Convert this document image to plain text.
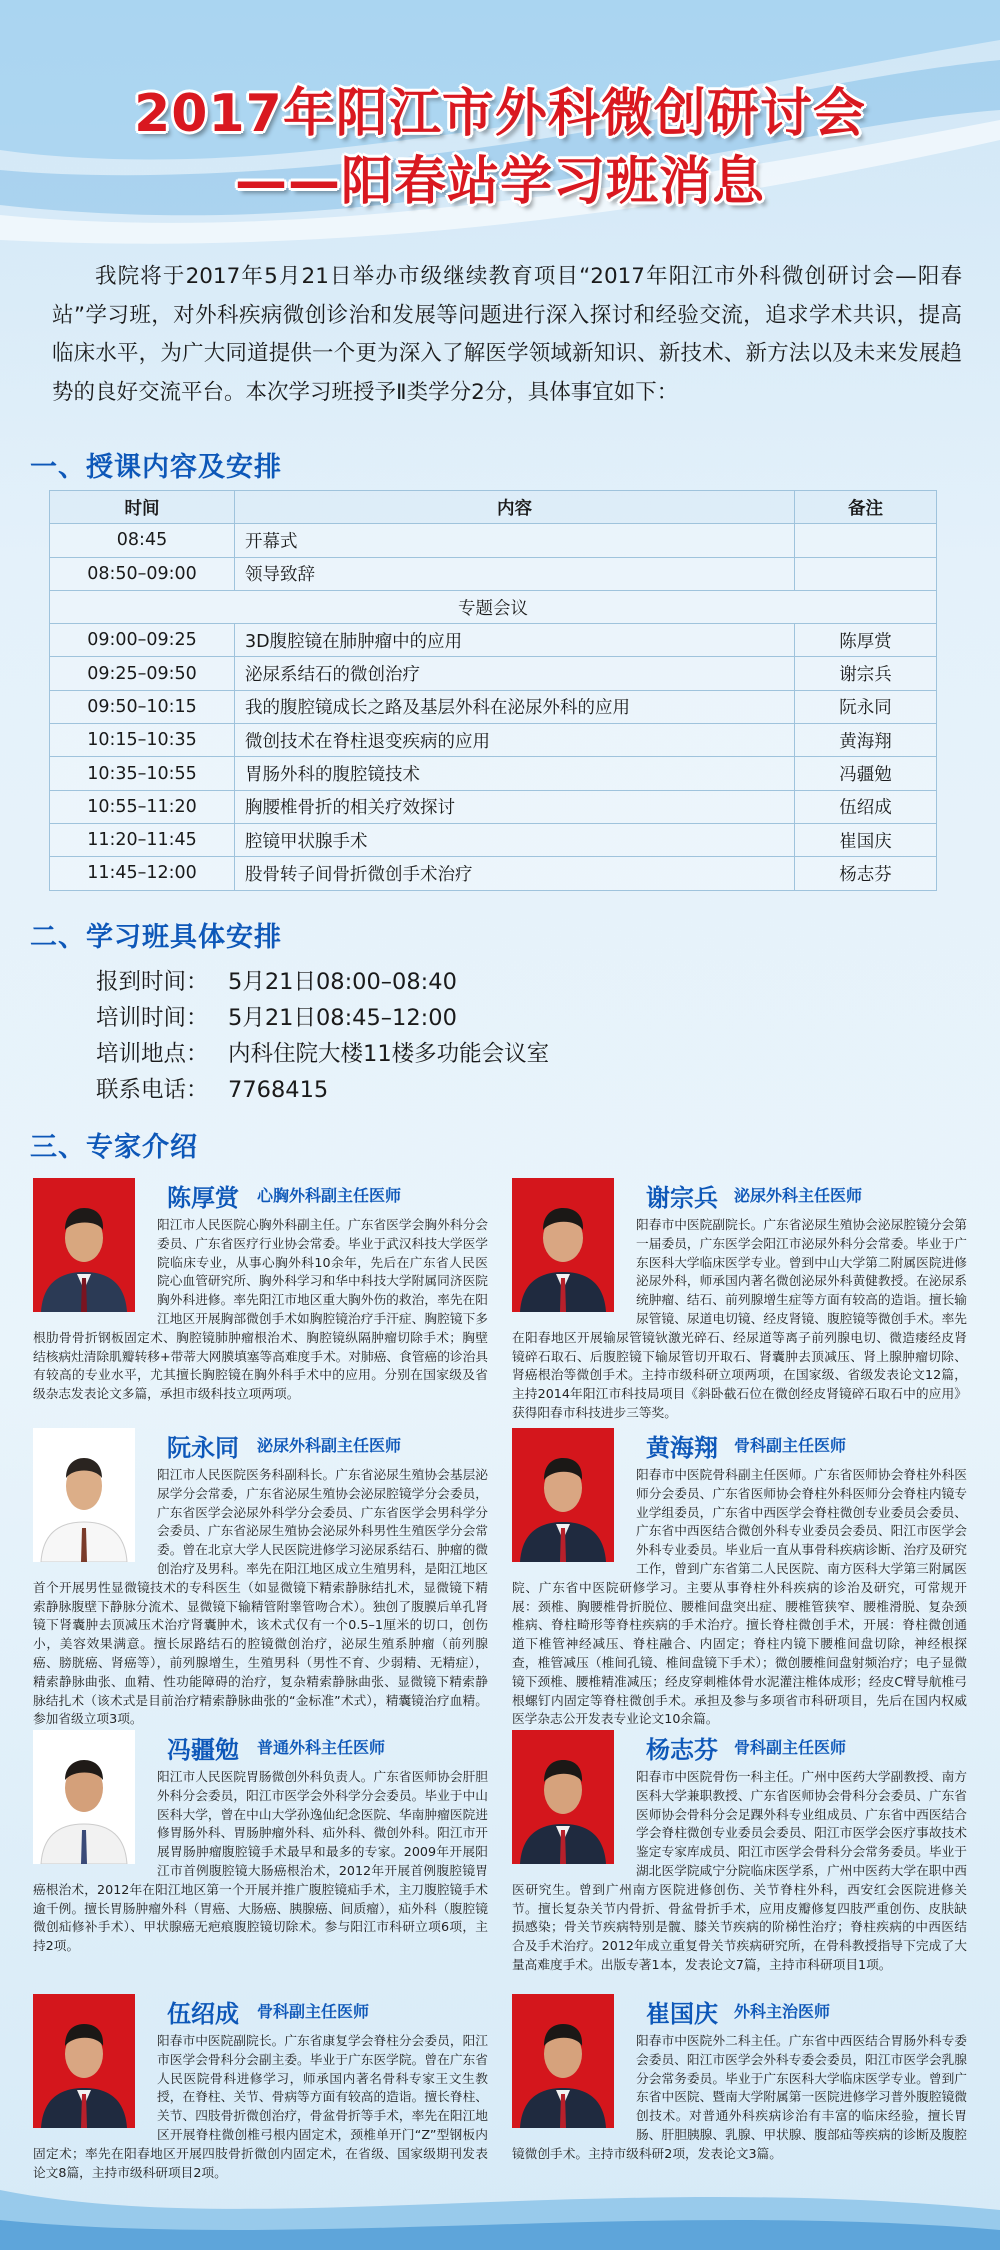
2017年阳江市外科微创研讨会
——阳春站学习班消息

我院将于2017年5月21日举办市级继续教育项目“2017年阳江市外科微创研讨会—阳春站”学习班，对外科疾病微创诊治和发展等问题进行深入探讨和经验交流，追求学术共识，提高临床水平，为广大同道提供一个更为深入了解医学领域新知识、新技术、新方法以及未来发展趋势的良好交流平台。本次学习班授予Ⅱ类学分2分，具体事宜如下：

一、授课内容及安排
时间	内容	备注
08:45	开幕式	
08:50–09:00	领导致辞	
专题会议		
09:00–09:25	3D腹腔镜在肺肿瘤中的应用	陈厚赏
09:25–09:50	泌尿系结石的微创治疗	谢宗兵
09:50–10:15	我的腹腔镜成长之路及基层外科在泌尿外科的应用	阮永同
10:15–10:35	微创技术在脊柱退变疾病的应用	黄海翔
10:35–10:55	胃肠外科的腹腔镜技术	冯疆勉
10:55–11:20	胸腰椎骨折的相关疗效探讨	伍绍成
11:20–11:45	腔镜甲状腺手术	崔国庆
11:45–12:00	股骨转子间骨折微创手术治疗	杨志芬
二、学习班具体安排
报到时间： 5月21日08:00–08:40
培训时间： 5月21日08:45–12:00
培训地点： 内科住院大楼11楼多功能会议室
联系电话： 7768415
三、专家介绍
陈厚赏 心胸外科副主任医师
阳江市人民医院心胸外科副主任。广东省医学会胸外科分会委员、广东省医疗行业协会常委。毕业于武汉科技大学医学院临床专业，从事心胸外科10余年，先后在广东省人民医院心血管研究所、胸外科学习和华中科技大学附属同济医院胸外科进修。率先阳江市地区重大胸外伤的救治，率先在阳江地区开展胸部微创手术如胸腔镜治疗手汗症、胸腔镜下多根肋骨骨折钢板固定术、胸腔镜肺肿瘤根治术、胸腔镜纵隔肿瘤切除手术；胸壁结核病灶清除肌瓣转移+带蒂大网膜填塞等高难度手术。对肺癌、食管癌的诊治具有较高的专业水平，尤其擅长胸腔镜在胸外科手术中的应用。分别在国家级及省级杂志发表论文多篇，承担市级科技立项两项。
谢宗兵 泌尿外科主任医师
阳春市中医院副院长。广东省泌尿生殖协会泌尿腔镜分会第一届委员，广东医学会阳江市泌尿外科分会常委。毕业于广东医科大学临床医学专业。曾到中山大学第二附属医院进修泌尿外科，师承国内著名微创泌尿外科黄健教授。在泌尿系统肿瘤、结石、前列腺增生症等方面有较高的造诣。擅长输尿管镜、尿道电切镜、经皮肾镜、腹腔镜等微创手术。率先在阳春地区开展输尿管镜钬激光碎石、经尿道等离子前列腺电切、微造瘘经皮肾镜碎石取石、后腹腔镜下输尿管切开取石、肾囊肿去顶减压、肾上腺肿瘤切除、肾癌根治等微创手术。主持市级科研立项两项，在国家级、省级发表论文12篇，主持2014年阳江市科技局项目《斜卧截石位在微创经皮肾镜碎石取石中的应用》获得阳春市科技进步三等奖。
阮永同 泌尿外科副主任医师
阳江市人民医院医务科副科长。广东省泌尿生殖协会基层泌尿学分会常委，广东省泌尿生殖协会泌尿腔镜学分会委员，广东省医学会泌尿外科学分会委员、广东省医学会男科学分会委员、广东省泌尿生殖协会泌尿外科男性生殖医学分会常委。曾在北京大学人民医院进修学习泌尿系结石、肿瘤的微创治疗及男科。率先在阳江地区成立生殖男科，是阳江地区首个开展男性显微镜技术的专科医生（如显微镜下精索静脉结扎术，显微镜下精索静脉腹壁下静脉分流术、显微镜下输精管附睾管吻合术）。独创了腹膜后单孔肾镜下肾囊肿去顶减压术治疗肾囊肿术，该术式仅有一个0.5–1厘米的切口，创伤小，美容效果满意。擅长尿路结石的腔镜微创治疗，泌尿生殖系肿瘤（前列腺癌、膀胱癌、肾癌等），前列腺增生，生殖男科（男性不育、少弱精、无精症），精索静脉曲张、血精、性功能障碍的治疗，复杂精索静脉曲张、显微镜下精索静脉结扎术（该术式是目前治疗精索静脉曲张的“金标准”术式），精囊镜治疗血精。参加省级立项3项。
黄海翔 骨科副主任医师
阳春市中医院骨科副主任医师。广东省医师协会脊柱外科医师分会委员、广东省医师协会脊柱外科医师分会脊柱内镜专业学组委员，广东省中西医学会脊柱微创专业委员会委员、广东省中西医结合微创外科专业委员会委员、阳江市医学会外科专业委员。毕业后一直从事骨科疾病诊断、治疗及研究工作，曾到广东省第二人民医院、南方医科大学第三附属医院、广东省中医院研修学习。主要从事脊柱外科疾病的诊治及研究，可常规开展：颈椎、胸腰椎骨折脱位、腰椎间盘突出症、腰椎管狭窄、腰椎滑脱、复杂颈椎病、脊柱畸形等脊柱疾病的手术治疗。擅长脊柱微创手术，开展：脊柱微创通道下椎管神经减压、脊柱融合、内固定；脊柱内镜下腰椎间盘切除，神经根探查，椎管减压（椎间孔镜、椎间盘镜下手术）；微创腰椎间盘射频治疗；电子显微镜下颈椎、腰椎精准减压；经皮穿刺椎体骨水泥灌注椎体成形；经皮C臂导航椎弓根螺钉内固定等脊柱微创手术。承担及参与多项省市科研项目，先后在国内权威医学杂志公开发表专业论文10余篇。
冯疆勉 普通外科主任医师
阳江市人民医院胃肠微创外科负责人。广东省医师协会肝胆外科分会委员，阳江市医学会外科学分会委员。毕业于中山医科大学，曾在中山大学孙逸仙纪念医院、华南肿瘤医院进修胃肠外科、胃肠肿瘤外科、疝外科、微创外科。阳江市开展胃肠肿瘤腹腔镜手术最早和最多的专家。2009年开展阳江市首例腹腔镜大肠癌根治术，2012年开展首例腹腔镜胃癌根治术，2012年在阳江地区第一个开展并推广腹腔镜疝手术，主刀腹腔镜手术逾千例。擅长胃肠肿瘤外科（胃癌、大肠癌、胰腺癌、间质瘤），疝外科（腹腔镜微创疝修补手术）、甲状腺癌无疤痕腹腔镜切除术。参与阳江市科研立项6项，主持2项。
杨志芬 骨科副主任医师
阳春市中医院骨伤一科主任。广州中医药大学副教授、南方医科大学兼职教授、广东省医师协会骨科分会委员、广东省医师协会骨科分会足踝外科专业组成员、广东省中西医结合学会脊柱微创专业委员会委员、阳江市医学会医疗事故技术鉴定专家库成员、阳江市医学会骨科分会常务委员。毕业于湖北医学院咸宁分院临床医学系，广州中医药大学在职中西医研究生。曾到广州南方医院进修创伤、关节脊柱外科，西安红会医院进修关节。擅长复杂关节内骨折、骨盆骨折手术，应用皮瓣修复四肢严重创伤、皮肤缺损感染；骨关节疾病特别是髋、膝关节疾病的阶梯性治疗；脊柱疾病的中西医结合及手术治疗。2012年成立重复骨关节疾病研究所，在骨科教授指导下完成了大量高难度手术。出版专著1本，发表论文7篇，主持市科研项目1项。
伍绍成 骨科副主任医师
阳春市中医院副院长。广东省康复学会脊柱分会委员，阳江市医学会骨科分会副主委。毕业于广东医学院。曾在广东省人民医院骨科进修学习，师承国内著名骨科专家王文生教授，在脊柱、关节、骨病等方面有较高的造诣。擅长脊柱、关节、四肢骨折微创治疗，骨盆骨折等手术，率先在阳江地区开展脊柱微创椎弓根内固定术，颈椎单开门“Z”型钢板内固定术；率先在阳春地区开展四肢骨折微创内固定术，在省级、国家级期刊发表论文8篇，主持市级科研项目2项。
崔国庆 外科主治医师
阳春市中医院外二科主任。广东省中西医结合胃肠外科专委会委员、阳江市医学会外科专委会委员，阳江市医学会乳腺分会常务委员。毕业于广东医科大学临床医学专业。曾到广东省中医院、暨南大学附属第一医院进修学习普外腹腔镜微创技术。对普通外科疾病诊治有丰富的临床经验，擅长胃肠、肝胆胰腺、乳腺、甲状腺、腹部疝等疾病的诊断及腹腔镜微创手术。主持市级科研2项，发表论文3篇。
